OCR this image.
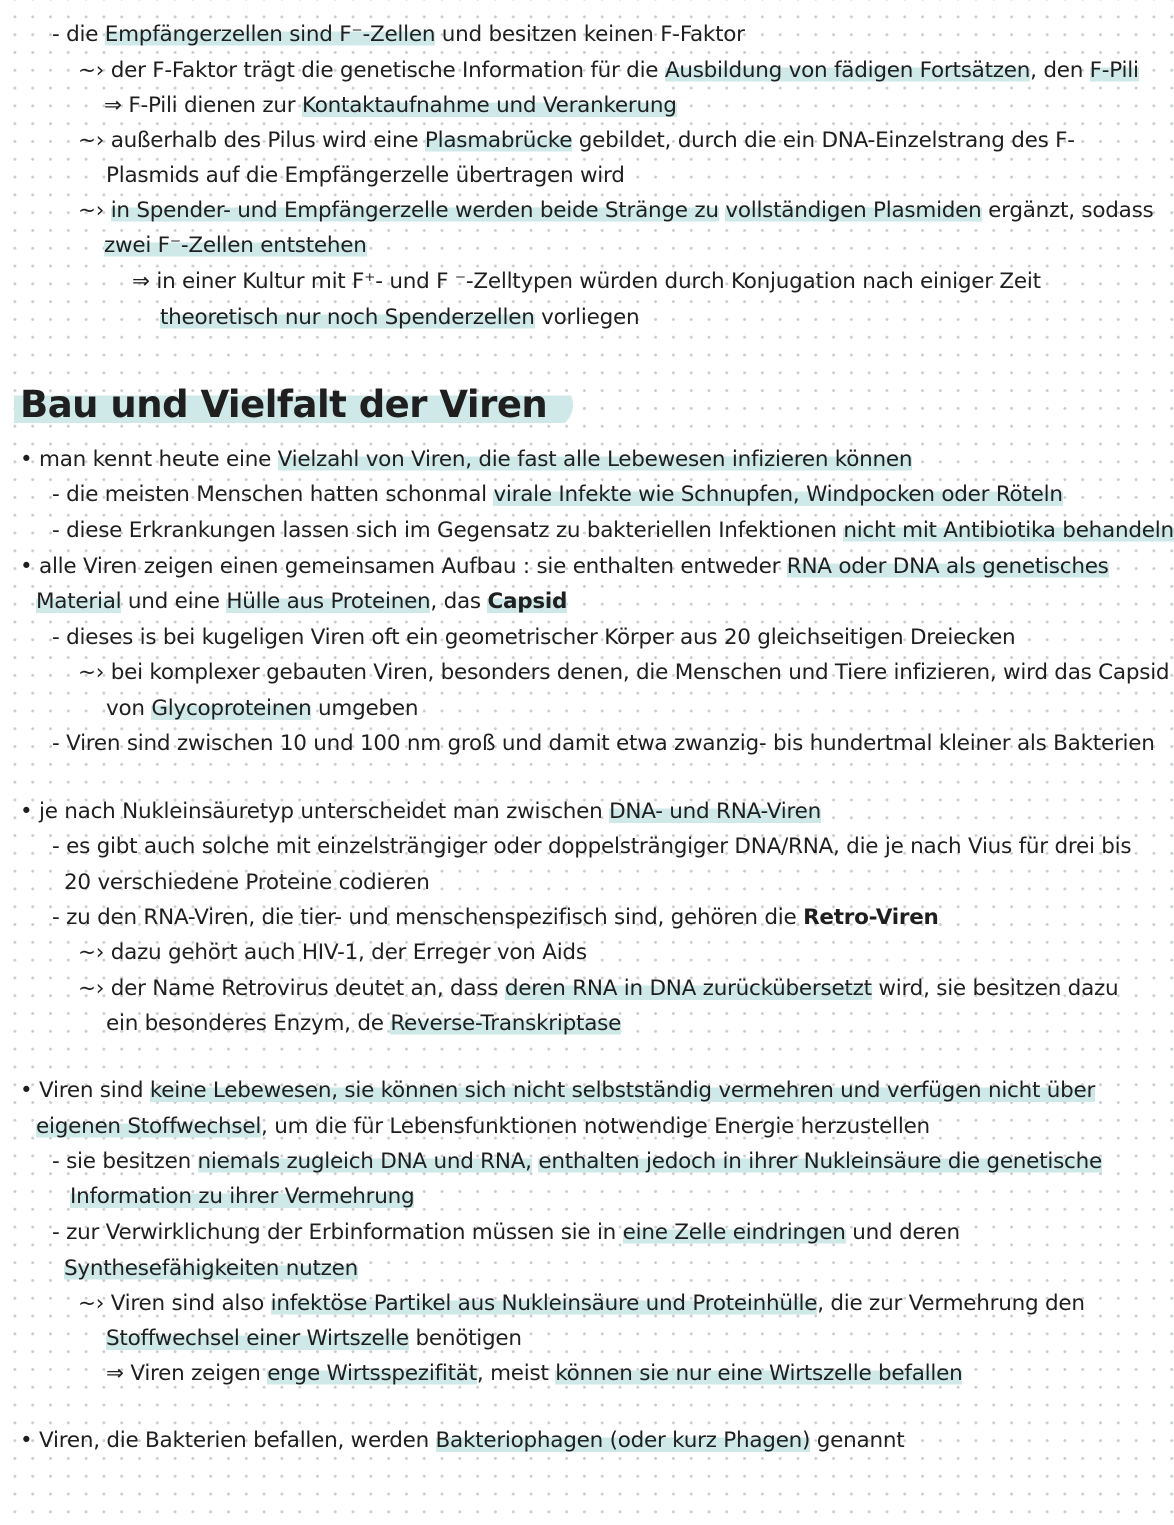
- die Empfängerzellen sind F⁻-Zellen und besitzen keinen F-Faktor
~› der F-Faktor trägt die genetische Information für die Ausbildung von fädigen Fortsätzen, den F-Pili
⇒ F-Pili dienen zur Kontaktaufnahme und Verankerung
~› außerhalb des Pilus wird eine Plasmabrücke gebildet, durch die ein DNA-Einzelstrang des F-
Plasmids auf die Empfängerzelle übertragen wird
~› in Spender- und Empfängerzelle werden beide Stränge zu vollständigen Plasmiden ergänzt, sodass
zwei F⁻-Zellen entstehen
⇒ in einer Kultur mit F⁺- und F ⁻-Zelltypen würden durch Konjugation nach einiger Zeit
theoretisch nur noch Spenderzellen vorliegen
Bau und Vielfalt der Viren
• man kennt heute eine Vielzahl von Viren, die fast alle Lebewesen infizieren können
- die meisten Menschen hatten schonmal virale Infekte wie Schnupfen, Windpocken oder Röteln
- diese Erkrankungen lassen sich im Gegensatz zu bakteriellen Infektionen nicht mit Antibiotika behandeln
• alle Viren zeigen einen gemeinsamen Aufbau : sie enthalten entweder RNA oder DNA als genetisches
Material und eine Hülle aus Proteinen, das Capsid
- dieses is bei kugeligen Viren oft ein geometrischer Körper aus 20 gleichseitigen Dreiecken
~› bei komplexer gebauten Viren, besonders denen, die Menschen und Tiere infizieren, wird das Capsid
von Glycoproteinen umgeben
- Viren sind zwischen 10 und 100 nm groß und damit etwa zwanzig- bis hundertmal kleiner als Bakterien
• je nach Nukleinsäuretyp unterscheidet man zwischen DNA- und RNA-Viren
- es gibt auch solche mit einzelsträngiger oder doppelsträngiger DNA/RNA, die je nach Vius für drei bis
20 verschiedene Proteine codieren
- zu den RNA-Viren, die tier- und menschenspezifisch sind, gehören die Retro-Viren
~› dazu gehört auch HIV-1, der Erreger von Aids
~› der Name Retrovirus deutet an, dass deren RNA in DNA zurückübersetzt wird, sie besitzen dazu
ein besonderes Enzym, de Reverse-Transkriptase
• Viren sind keine Lebewesen, sie können sich nicht selbstständig vermehren und verfügen nicht über
eigenen Stoffwechsel, um die für Lebensfunktionen notwendige Energie herzustellen
- sie besitzen niemals zugleich DNA und RNA, enthalten jedoch in ihrer Nukleinsäure die genetische
Information zu ihrer Vermehrung
- zur Verwirklichung der Erbinformation müssen sie in eine Zelle eindringen und deren
Synthesefähigkeiten nutzen
~› Viren sind also infektöse Partikel aus Nukleinsäure und Proteinhülle, die zur Vermehrung den
Stoffwechsel einer Wirtszelle benötigen
⇒ Viren zeigen enge Wirtsspezifität, meist können sie nur eine Wirtszelle befallen
• Viren, die Bakterien befallen, werden Bakteriophagen (oder kurz Phagen) genannt
